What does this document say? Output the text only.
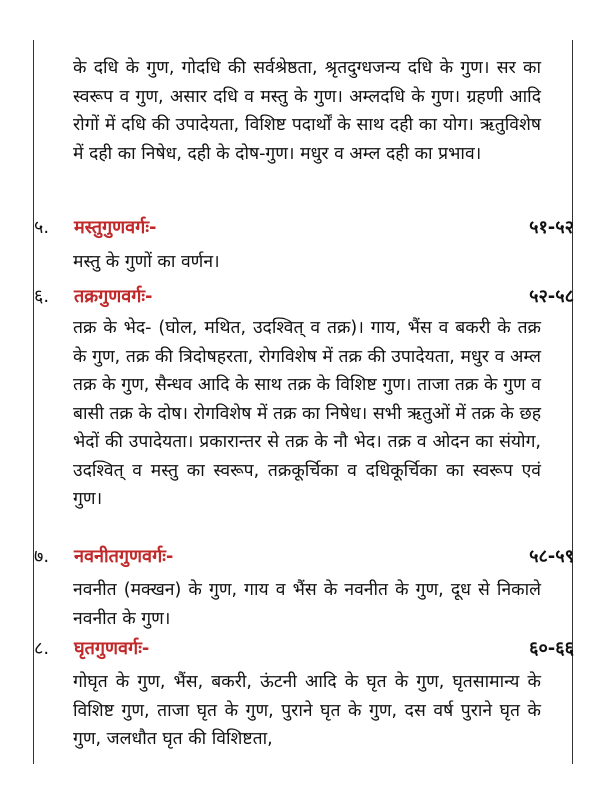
के दधि के गुण, गोदधि की सर्वश्रेष्ठता, श्रृतदुग्धजन्य दधि के गुण। सर का स्वरूप व गुण, असार दधि व मस्तु के गुण। अम्लदधि के गुण। ग्रहणी आदि रोगों में दधि की उपादेयता, विशिष्ट पदार्थों के साथ दही का योग। ऋतुविशेष में दही का निषेध, दही के दोष-गुण। मधुर व अम्ल दही का प्रभाव।
५. मस्तुगुणवर्गः-	५१-५२
मस्तु के गुणों का वर्णन।
६. तक्रगुणवर्गः-	५२-५८
तक्र के भेद- (घोल, मथित, उदश्वित् व तक्र)। गाय, भैंस व बकरी के तक्र के गुण, तक्र की त्रिदोषहरता, रोगविशेष में तक्र की उपादेयता, मधुर व अम्ल तक्र के गुण, सैन्धव आदि के साथ तक्र के विशिष्ट गुण। ताजा तक्र के गुण व बासी तक्र के दोष। रोगविशेष में तक्र का निषेध। सभी ऋतुओं में तक्र के छह भेदों की उपादेयता। प्रकारान्तर से तक्र के नौ भेद। तक्र व ओदन का संयोग, उदश्वित् व मस्तु का स्वरूप, तक्रकूर्चिका व दधिकूर्चिका का स्वरूप एवं गुण।
७. नवनीतगुणवर्गः-	५८-५९
नवनीत (मक्खन) के गुण, गाय व भैंस के नवनीत के गुण, दूध से निकाले नवनीत के गुण।
८. घृतगुणवर्गः-	६०-६६
गोघृत के गुण, भैंस, बकरी, ऊंटनी आदि के घृत के गुण, घृतसामान्य के विशिष्ट गुण, ताजा घृत के गुण, पुराने घृत के गुण, दस वर्ष पुराने घृत के गुण, जलधौत घृत की विशिष्टता,
